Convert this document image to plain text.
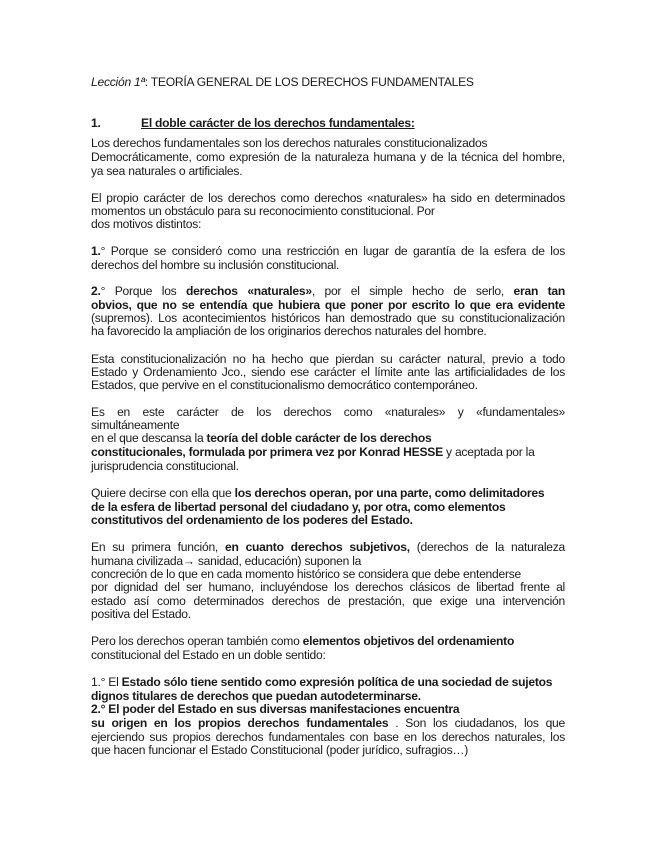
Lección 1ª: TEORÍA GENERAL DE LOS DERECHOS FUNDAMENTALES
1.	El doble carácter de los derechos fundamentales:
Los derechos fundamentales son los derechos naturales constitucionalizados
Democráticamente, como expresión de la naturaleza humana y de la técnica del hombre,
ya sea naturales o artificiales.
El propio carácter de los derechos como derechos «naturales» ha sido en determinados
momentos un obstáculo para su reconocimiento constitucional. Por
dos motivos distintos:
1.° Porque se consideró como una restricción en lugar de garantía de la esfera de los
derechos del hombre su inclusión constitucional.
2.° Porque los derechos «naturales», por el simple hecho de serlo, eran tan
obvios, que no se entendía que hubiera que poner por escrito lo que era evidente
(supremos). Los acontecimientos históricos han demostrado que su constitucionalización
ha favorecido la ampliación de los originarios derechos naturales del hombre.
Esta constitucionalización no ha hecho que pierdan su carácter natural, previo a todo
Estado y Ordenamiento Jco., siendo ese carácter el límite ante las artificialidades de los
Estados, que pervive en el constitucionalismo democrático contemporáneo.
Es en este carácter de los derechos como «naturales» y «fundamentales»
simultáneamente
en el que descansa la teoría del doble carácter de los derechos
constitucionales, formulada por primera vez por Konrad HESSE y aceptada por la
jurisprudencia constitucional.
Quiere decirse con ella que los derechos operan, por una parte, como delimitadores
de la esfera de libertad personal del ciudadano y, por otra, como elementos
constitutivos del ordenamiento de los poderes del Estado.
En su primera función, en cuanto derechos subjetivos, (derechos de la naturaleza
humana civilizada→ sanidad, educación) suponen la
concreción de lo que en cada momento histórico se considera que debe entenderse
por dignidad del ser humano, incluyéndose los derechos clásicos de libertad frente al
estado así como determinados derechos de prestación, que exige una intervención
positiva del Estado.
Pero los derechos operan también como elementos objetivos del ordenamiento
constitucional del Estado en un doble sentido:
1.° El Estado sólo tiene sentido como expresión política de una sociedad de sujetos
dignos titulares de derechos que puedan autodeterminarse.
2.° El poder del Estado en sus diversas manifestaciones encuentra
su origen en los propios derechos fundamentales . Son los ciudadanos, los que
ejerciendo sus propios derechos fundamentales con base en los derechos naturales, los
que hacen funcionar el Estado Constitucional (poder jurídico, sufragios…)
